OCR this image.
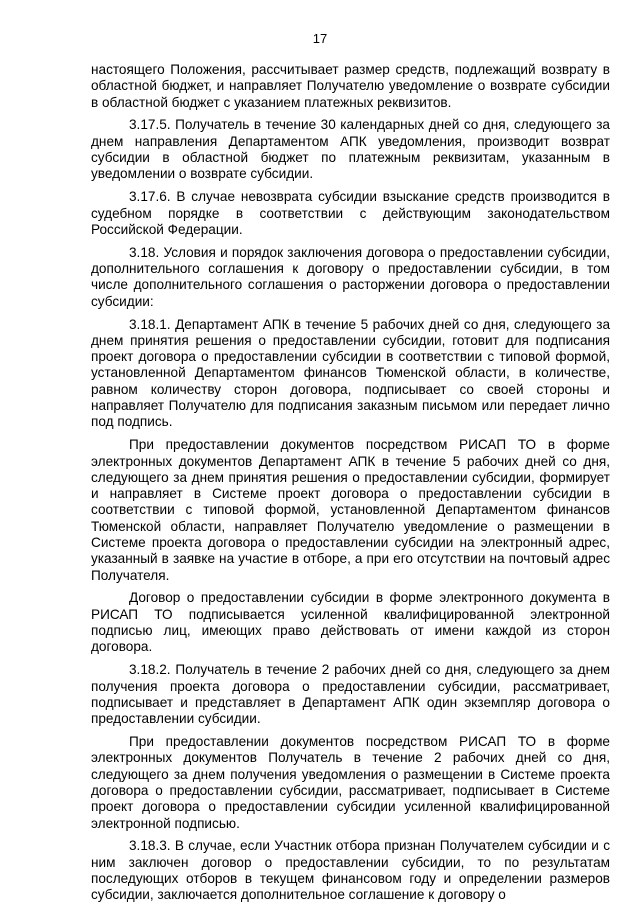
17

настоящего Положения, рассчитывает размер средств, подлежащий возврату в областной бюджет, и направляет Получателю уведомление о возврате субсидии в областной бюджет с указанием платежных реквизитов.

3.17.5. Получатель в течение 30 календарных дней со дня, следующего за днем направления Департаментом АПК уведомления, производит возврат субсидии в областной бюджет по платежным реквизитам, указанным в уведомлении о возврате субсидии.

3.17.6. В случае невозврата субсидии взыскание средств производится в судебном порядке в соответствии с действующим законодательством Российской Федерации.

3.18. Условия и порядок заключения договора о предоставлении субсидии, дополнительного соглашения к договору о предоставлении субсидии, в том числе дополнительного соглашения о расторжении договора о предоставлении субсидии:

3.18.1. Департамент АПК в течение 5 рабочих дней со дня, следующего за днем принятия решения о предоставлении субсидии, готовит для подписания проект договора о предоставлении субсидии в соответствии с типовой формой, установленной Департаментом финансов Тюменской области, в количестве, равном количеству сторон договора, подписывает со своей стороны и направляет Получателю для подписания заказным письмом или передает лично под подпись.

При предоставлении документов посредством РИСАП ТО в форме электронных документов Департамент АПК в течение 5 рабочих дней со дня, следующего за днем принятия решения о предоставлении субсидии, формирует и направляет в Системе проект договора о предоставлении субсидии в соответствии с типовой формой, установленной Департаментом финансов Тюменской области, направляет Получателю уведомление о размещении в Системе проекта договора о предоставлении субсидии на электронный адрес, указанный в заявке на участие в отборе, а при его отсутствии на почтовый адрес Получателя.

Договор о предоставлении субсидии в форме электронного документа в РИСАП ТО подписывается усиленной квалифицированной электронной подписью лиц, имеющих право действовать от имени каждой из сторон договора.

3.18.2. Получатель в течение 2 рабочих дней со дня, следующего за днем получения проекта договора о предоставлении субсидии, рассматривает, подписывает и представляет в Департамент АПК один экземпляр договора о предоставлении субсидии.

При предоставлении документов посредством РИСАП ТО в форме электронных документов Получатель в течение 2 рабочих дней со дня, следующего за днем получения уведомления о размещении в Системе проекта договора о предоставлении субсидии, рассматривает, подписывает в Системе проект договора о предоставлении субсидии усиленной квалифицированной электронной подписью.

3.18.3. В случае, если Участник отбора признан Получателем субсидии и с ним заключен договор о предоставлении субсидии, то по результатам последующих отборов в текущем финансовом году и определении размеров субсидии, заключается дополнительное соглашение к договору о
